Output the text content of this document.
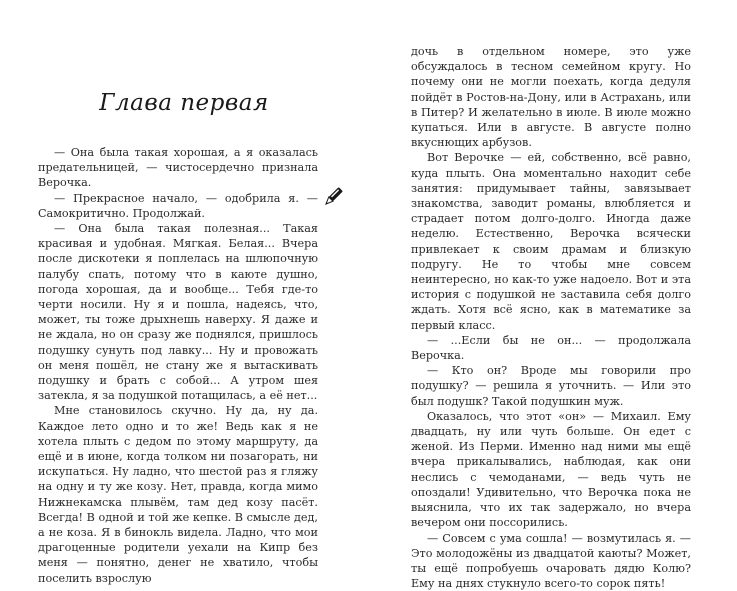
Глава первая

— Она была такая хорошая, а я оказалась предательницей, — чистосердечно призналa Верочка.

— Прекрасное начало, — одобрила я. — Самокритично. Продолжай.

— Она была такая полезная... Такая красивая и удобная. Мягкая. Белая... Вчера после дискотеки я поплелась на шлюпочную палубу спать, потому что в каюте душно, погода хорошая, да и вообще... Тебя где-то черти носили. Ну я и пошла, надеясь, что, может, ты тоже дрыхнешь наверху. Я даже и не ждала, но он сразу же поднялся, пришлось подушку сунуть под лавку... Ну и провожать он меня пошёл, не стану же я вытаскивать подушку и брать с собой... А утром шея затекла, я за подушкой потащилась, а её нет...

Мне становилось скучно. Ну да, ну да. Каждое лето одно и то же! Ведь как я не хотела плыть с дедом по этому маршруту, да ещё и в июне, когда толком ни позагорать, ни искупаться. Ну ладно, что шестой раз я гляжу на одну и ту же козу. Нет, правда, когда мимо Нижнекамска плывём, там дед козу пасёт. Всегда! В одной и той же кепке. В смысле дед, а не коза. Я в бинокль видела. Ладно, что мои драгоценные родители уехали на Кипр без меня — понятно, денег не хватило, чтобы поселить взрослую

дочь в отдельном номере, это уже обсуждалось в тесном семейном кругу. Но почему они не могли поехать, когда дедуля пойдёт в Ростов-на-Дону, или в Астрахань, или в Питер? И желательно в июле. В июле можно купаться. Или в августе. В августе полно вкуснющих арбузов.

Вот Верочке — ей, собственно, всё равно, куда плыть. Она моментально находит себе занятия: придумывает тайны, завязывает знакомства, заводит романы, влюбляется и страдает потом долго-долго. Иногда даже неделю. Естественно, Верочка всячески привлекает к своим драмам и близкую подругу. Не то чтобы мне совсем неинтересно, но как-то уже надоело. Вот и эта история с подушкой не заставила себя долго ждать. Хотя всё ясно, как в математике за первый класс.

— ...Если бы не он... — продолжала Верочка.

— Кто он? Вроде мы говорили про подушку? — решила я уточнить. — Или это был подушк? Такой подушкин муж.

Оказалось, что этот «он» — Михаил. Ему двадцать, ну или чуть больше. Он едет с женой. Из Перми. Именно над ними мы ещё вчера прикалывались, наблюдая, как они неслись с чемоданами, — ведь чуть не опоздали! Удивительно, что Верочка пока не выяснила, что их так задержало, но вчера вечером они поссорились.

— Совсем с ума сошла! — возмутилась я. — Это молодожёны из двадцатой каюты? Может, ты ещё попробуешь очаровать дядю Колю? Ему на днях стукнуло всего-то сорок пять!
